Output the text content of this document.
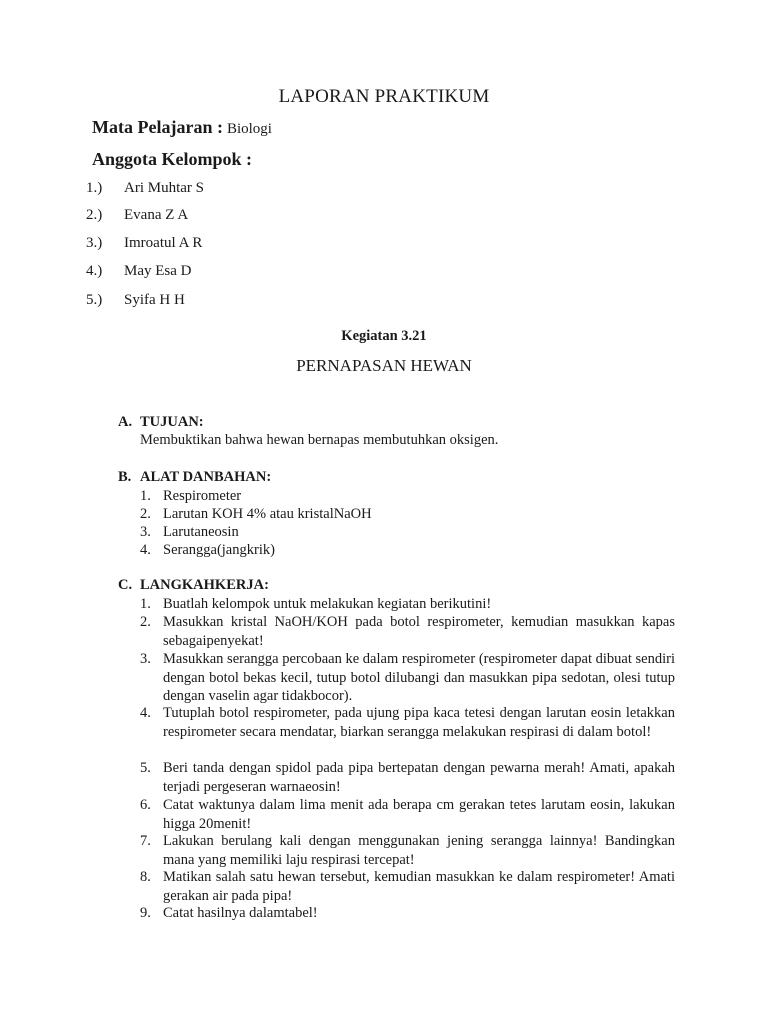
LAPORAN PRAKTIKUM
Mata Pelajaran : Biologi
Anggota Kelompok :
1.) Ari Muhtar S
2.) Evana Z A
3.) Imroatul A R
4.) May Esa D
5.) Syifa H H
Kegiatan 3.21
PERNAPASAN HEWAN
A. TUJUAN:
Membuktikan bahwa hewan bernapas membutuhkan oksigen.
B. ALAT DANBAHAN:
1. Respirometer
2. Larutan KOH 4% atau kristalNaOH
3. Larutaneosin
4. Serangga(jangkrik)
C. LANGKAHKERJA:
1. Buatlah kelompok untuk melakukan kegiatan berikutini!
2. Masukkan kristal NaOH/KOH pada botol respirometer, kemudian masukkan kapas sebagaipenyekat!
3. Masukkan serangga percobaan ke dalam respirometer (respirometer dapat dibuat sendiri dengan botol bekas kecil, tutup botol dilubangi dan masukkan pipa sedotan, olesi tutup dengan vaselin agar tidakbocor).
4. Tutuplah botol respirometer, pada ujung pipa kaca tetesi dengan larutan eosin letakkan respirometer secara mendatar, biarkan serangga melakukan respirasi di dalam botol!
5. Beri tanda dengan spidol pada pipa bertepatan dengan pewarna merah! Amati, apakah terjadi pergeseran warnaeosin!
6. Catat waktunya dalam lima menit ada berapa cm gerakan tetes larutam eosin, lakukan higga 20menit!
7. Lakukan berulang kali dengan menggunakan jening serangga lainnya! Bandingkan mana yang memiliki laju respirasi tercepat!
8. Matikan salah satu hewan tersebut, kemudian masukkan ke dalam respirometer! Amati gerakan air pada pipa!
9. Catat hasilnya dalamtabel!
